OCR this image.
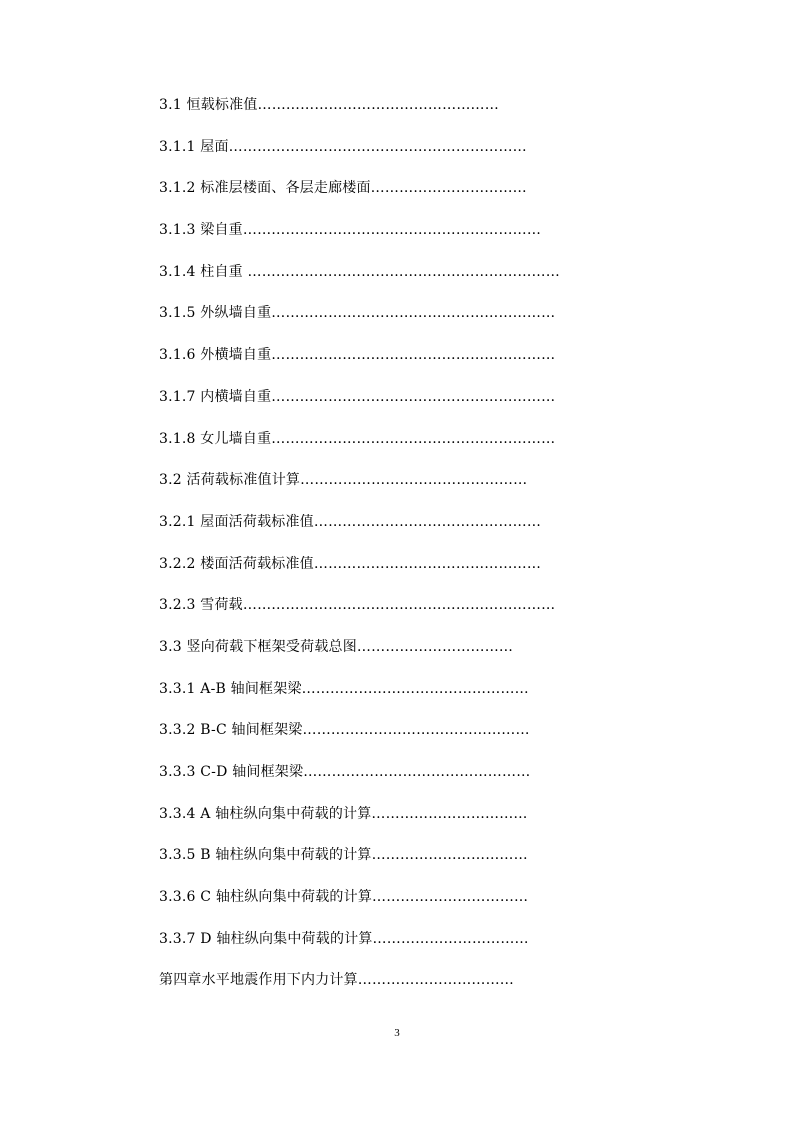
3.1 恒载标准值……………………………………………
3.1.1 屋面………………………………………………………
3.1.2 标准层楼面、各层走廊楼面……………………………
3.1.3 梁自重………………………………………………………
3.1.4 柱自重 …………………………………………………………
3.1.5 外纵墙自重……………………………………………………
3.1.6 外横墙自重……………………………………………………
3.1.7 内横墙自重……………………………………………………
3.1.8 女儿墙自重……………………………………………………
3.2 活荷载标准值计算…………………………………………
3.2.1 屋面活荷载标准值…………………………………………
3.2.2 楼面活荷载标准值…………………………………………
3.2.3 雪荷载…………………………………………………………
3.3 竖向荷载下框架受荷载总图……………………………
3.3.1 A-B 轴间框架梁…………………………………………
3.3.2 B-C 轴间框架梁…………………………………………
3.3.3 C-D 轴间框架梁…………………………………………
3.3.4 A 轴柱纵向集中荷载的计算……………………………
3.3.5 B 轴柱纵向集中荷载的计算……………………………
3.3.6 C 轴柱纵向集中荷载的计算……………………………
3.3.7 D 轴柱纵向集中荷载的计算……………………………
第四章水平地震作用下内力计算……………………………
3
